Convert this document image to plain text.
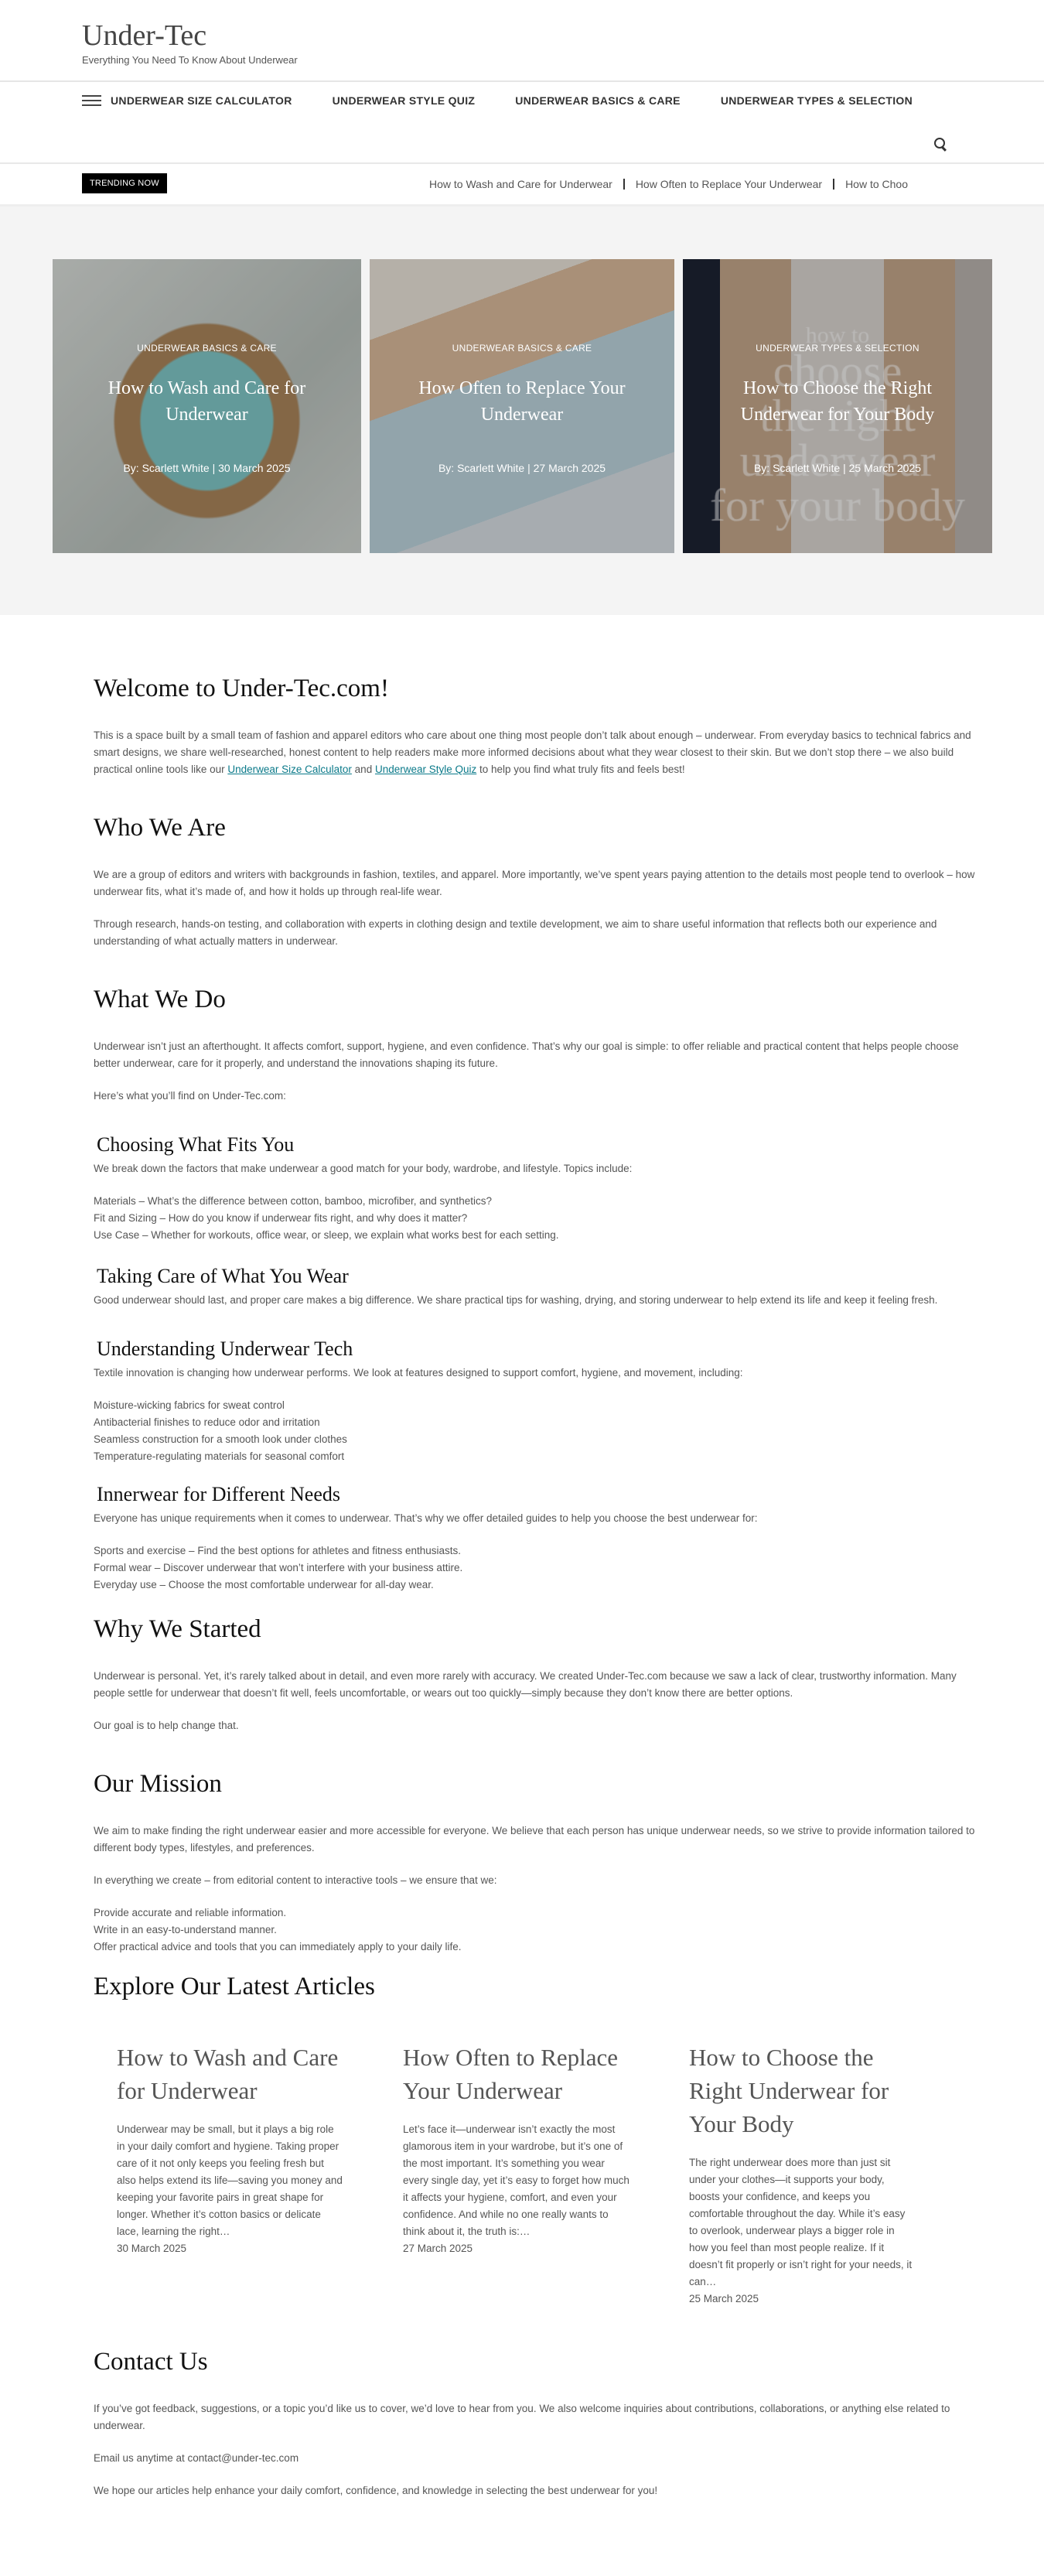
Under-Tec
Everything You Need To Know About Underwear
UNDERWEAR SIZE CALCULATOR	UNDERWEAR STYLE QUIZ	UNDERWEAR BASICS & CARE	UNDERWEAR TYPES & SELECTION
TRENDING NOW	How to Wash and Care for Underwear How Often to Replace Your Underwear How to Choo
UNDERWEAR BASICS & CARE
How to Wash and Care for Underwear
By: Scarlett White | 30 March 2025
UNDERWEAR BASICS & CARE
How Often to Replace Your Underwear
By: Scarlett White | 27 March 2025
UNDERWEAR TYPES & SELECTION
How to Choose the Right Underwear for Your Body
By: Scarlett White | 25 March 2025
Welcome to Under-Tec.com!

This is a space built by a small team of fashion and apparel editors who care about one thing most people don’t talk about enough – underwear. From everyday basics to technical fabrics and smart designs, we share well-researched, honest content to help readers make more informed decisions about what they wear closest to their skin. But we don’t stop there – we also build practical online tools like our Underwear Size Calculator and Underwear Style Quiz to help you find what truly fits and feels best!

Who We Are

We are a group of editors and writers with backgrounds in fashion, textiles, and apparel. More importantly, we’ve spent years paying attention to the details most people tend to overlook – how underwear fits, what it’s made of, and how it holds up through real-life wear.

Through research, hands-on testing, and collaboration with experts in clothing design and textile development, we aim to share useful information that reflects both our experience and understanding of what actually matters in underwear.

What We Do

Underwear isn’t just an afterthought. It affects comfort, support, hygiene, and even confidence. That’s why our goal is simple: to offer reliable and practical content that helps people choose better underwear, care for it properly, and understand the innovations shaping its future.

Here’s what you’ll find on Under-Tec.com:

Choosing What Fits You

We break down the factors that make underwear a good match for your body, wardrobe, and lifestyle. Topics include:

Materials – What’s the difference between cotton, bamboo, microfiber, and synthetics?
Fit and Sizing – How do you know if underwear fits right, and why does it matter?
Use Case – Whether for workouts, office wear, or sleep, we explain what works best for each setting.
Taking Care of What You Wear

Good underwear should last, and proper care makes a big difference. We share practical tips for washing, drying, and storing underwear to help extend its life and keep it feeling fresh.

Understanding Underwear Tech

Textile innovation is changing how underwear performs. We look at features designed to support comfort, hygiene, and movement, including:

Moisture-wicking fabrics for sweat control
Antibacterial finishes to reduce odor and irritation
Seamless construction for a smooth look under clothes
Temperature-regulating materials for seasonal comfort
Innerwear for Different Needs

Everyone has unique requirements when it comes to underwear. That’s why we offer detailed guides to help you choose the best underwear for:

Sports and exercise – Find the best options for athletes and fitness enthusiasts.
Formal wear – Discover underwear that won’t interfere with your business attire.
Everyday use – Choose the most comfortable underwear for all-day wear.
Why We Started

Underwear is personal. Yet, it’s rarely talked about in detail, and even more rarely with accuracy. We created Under-Tec.com because we saw a lack of clear, trustworthy information. Many people settle for underwear that doesn’t fit well, feels uncomfortable, or wears out too quickly—simply because they don’t know there are better options.

Our goal is to help change that.

Our Mission

We aim to make finding the right underwear easier and more accessible for everyone. We believe that each person has unique underwear needs, so we strive to provide information tailored to different body types, lifestyles, and preferences.

In everything we create – from editorial content to interactive tools – we ensure that we:

Provide accurate and reliable information.
Write in an easy-to-understand manner.
Offer practical advice and tools that you can immediately apply to your daily life.
Explore Our Latest Articles
How to Wash and Care for Underwear
Underwear may be small, but it plays a big role in your daily comfort and hygiene. Taking proper care of it not only keeps you feeling fresh but also helps extend its life—saving you money and keeping your favorite pairs in great shape for longer. Whether it’s cotton basics or delicate lace, learning the right…
30 March 2025
How Often to Replace Your Underwear
Let’s face it—underwear isn’t exactly the most glamorous item in your wardrobe, but it’s one of the most important. It’s something you wear every single day, yet it’s easy to forget how much it affects your hygiene, comfort, and even your confidence. And while no one really wants to think about it, the truth is:…
27 March 2025
How to Choose the Right Underwear for Your Body
The right underwear does more than just sit under your clothes—it supports your body, boosts your confidence, and keeps you comfortable throughout the day. While it’s easy to overlook, underwear plays a bigger role in how you feel than most people realize. If it doesn’t fit properly or isn’t right for your needs, it can…
25 March 2025
Contact Us

If you’ve got feedback, suggestions, or a topic you’d like us to cover, we’d love to hear from you. We also welcome inquiries about contributions, collaborations, or anything else related to underwear.

Email us anytime at contact@under-tec.com

We hope our articles help enhance your daily comfort, confidence, and knowledge in selecting the best underwear for you!
